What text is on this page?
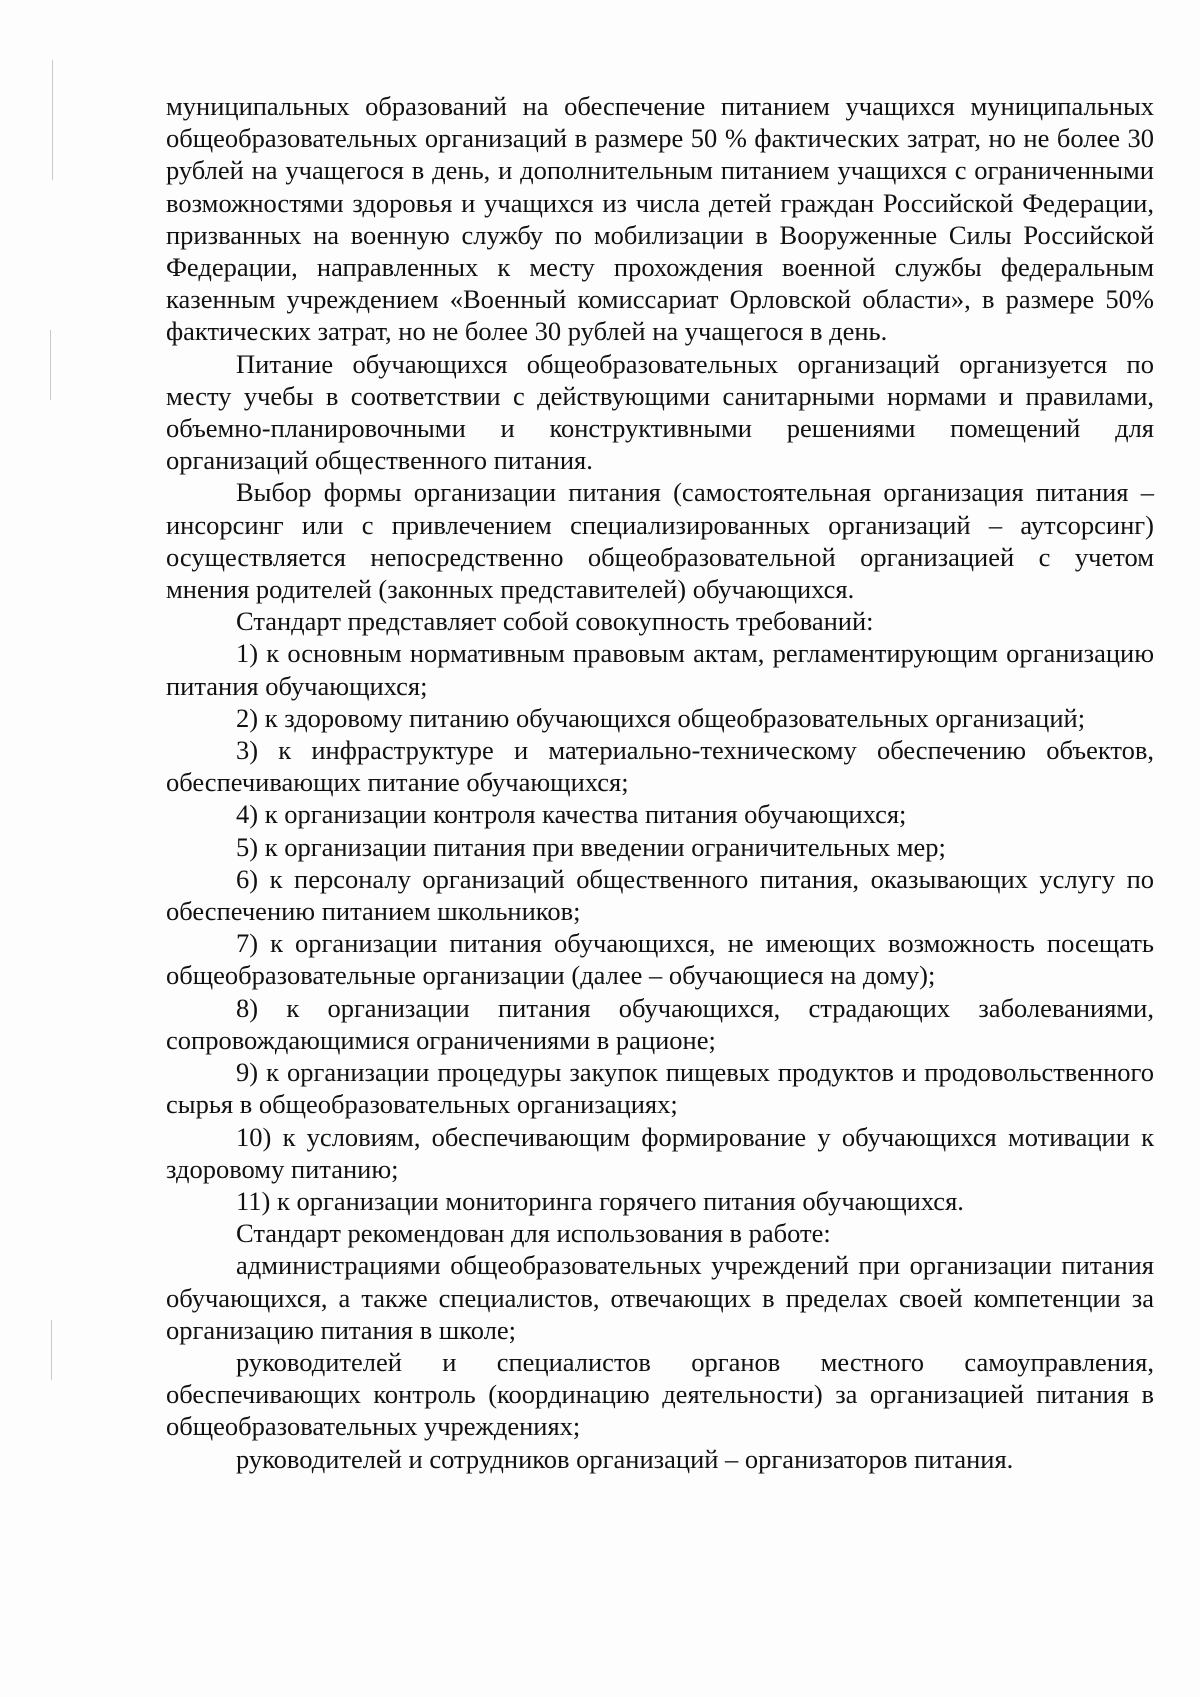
муниципальных образований на обеспечение питанием учащихся муниципальных общеобразовательных организаций в размере 50 % фактических затрат, но не более 30 рублей на учащегося в день, и дополнительным питанием учащихся с ограниченными возможностями здоровья и учащихся из числа детей граждан Российской Федерации, призванных на военную службу по мобилизации в Вооруженные Силы Российской Федерации, направленных к месту прохождения военной службы федеральным казенным учреждением «Военный комиссариат Орловской области», в размере 50% фактических затрат, но не более 30 рублей на учащегося в день.

Питание обучающихся общеобразовательных организаций организуется по месту учебы в соответствии с действующими санитарными нормами и правилами, объемно-планировочными и конструктивными решениями помещений для организаций общественного питания.

Выбор формы организации питания (самостоятельная организация питания – инсорсинг или с привлечением специализированных организаций – аутсорсинг) осуществляется непосредственно общеобразовательной организацией с учетом мнения родителей (законных представителей) обучающихся.

Стандарт представляет собой совокупность требований:

1) к основным нормативным правовым актам, регламентирующим организацию питания обучающихся;

2) к здоровому питанию обучающихся общеобразовательных организаций;

3) к инфраструктуре и материально-техническому обеспечению объектов, обеспечивающих питание обучающихся;

4) к организации контроля качества питания обучающихся;

5) к организации питания при введении ограничительных мер;

6) к персоналу организаций общественного питания, оказывающих услугу по обеспечению питанием школьников;

7) к организации питания обучающихся, не имеющих возможность посещать общеобразовательные организации (далее – обучающиеся на дому);

8) к организации питания обучающихся, страдающих заболеваниями, сопровождающимися ограничениями в рационе;

9) к организации процедуры закупок пищевых продуктов и продовольственного сырья в общеобразовательных организациях;

10) к условиям, обеспечивающим формирование у обучающихся мотивации к здоровому питанию;

11) к организации мониторинга горячего питания обучающихся.

Стандарт рекомендован для использования в работе:

администрациями общеобразовательных учреждений при организации питания обучающихся, а также специалистов, отвечающих в пределах своей компетенции за организацию питания в школе;

руководителей и специалистов органов местного самоуправления, обеспечивающих контроль (координацию деятельности) за организацией питания в общеобразовательных учреждениях;

руководителей и сотрудников организаций – организаторов питания.
